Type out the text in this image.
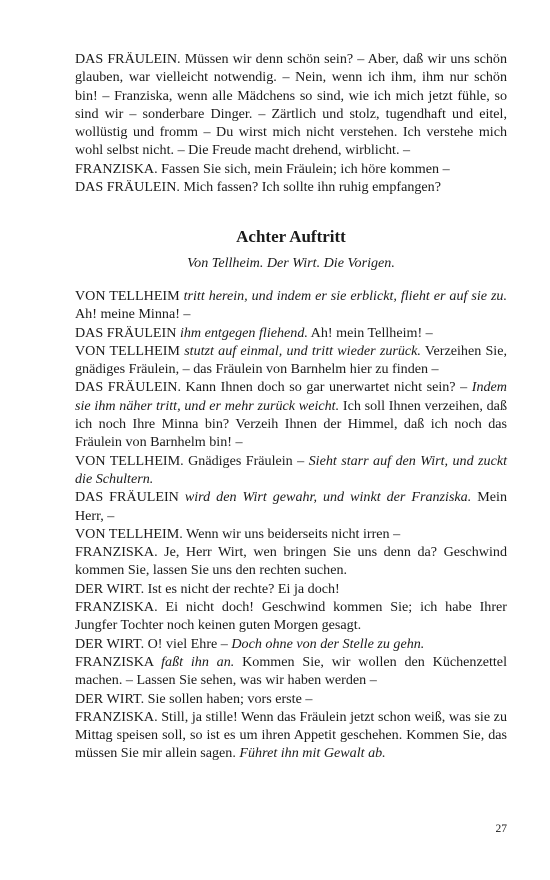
DAS FRÄULEIN. Müssen wir denn schön sein? – Aber, daß wir uns schön glauben, war vielleicht notwendig. – Nein, wenn ich ihm, ihm nur schön bin! – Franziska, wenn alle Mädchens so sind, wie ich mich jetzt fühle, so sind wir – sonderbare Dinger. – Zärtlich und stolz, tugendhaft und eitel, wollüstig und fromm – Du wirst mich nicht verstehen. Ich verstehe mich wohl selbst nicht. – Die Freude macht drehend, wirblicht. –

FRANZISKA. Fassen Sie sich, mein Fräulein; ich höre kommen –

DAS FRÄULEIN. Mich fassen? Ich sollte ihn ruhig empfangen?

Achter Auftritt

Von Tellheim. Der Wirt. Die Vorigen.

VON TELLHEIM tritt herein, und indem er sie erblickt, flieht er auf sie zu. Ah! meine Minna! –

DAS FRÄULEIN ihm entgegen fliehend. Ah! mein Tellheim! –

VON TELLHEIM stutzt auf einmal, und tritt wieder zurück. Verzeihen Sie, gnädiges Fräulein, – das Fräulein von Barnhelm hier zu finden –

DAS FRÄULEIN. Kann Ihnen doch so gar unerwartet nicht sein? – Indem sie ihm näher tritt, und er mehr zurück weicht. Ich soll Ihnen verzeihen, daß ich noch Ihre Minna bin? Verzeih Ihnen der Himmel, daß ich noch das Fräulein von Barnhelm bin! –

VON TELLHEIM. Gnädiges Fräulein – Sieht starr auf den Wirt, und zuckt die Schultern.

DAS FRÄULEIN wird den Wirt gewahr, und winkt der Franziska. Mein Herr, –

VON TELLHEIM. Wenn wir uns beiderseits nicht irren –

FRANZISKA. Je, Herr Wirt, wen bringen Sie uns denn da? Geschwind kommen Sie, lassen Sie uns den rechten suchen.

DER WIRT. Ist es nicht der rechte? Ei ja doch!

FRANZISKA. Ei nicht doch! Geschwind kommen Sie; ich habe Ihrer Jungfer Tochter noch keinen guten Morgen gesagt.

DER WIRT. O! viel Ehre – Doch ohne von der Stelle zu gehn.

FRANZISKA faßt ihn an. Kommen Sie, wir wollen den Küchenzettel machen. – Lassen Sie sehen, was wir haben werden –

DER WIRT. Sie sollen haben; vors erste –

FRANZISKA. Still, ja stille! Wenn das Fräulein jetzt schon weiß, was sie zu Mittag speisen soll, so ist es um ihren Appetit geschehen. Kommen Sie, das müssen Sie mir allein sagen. Führet ihn mit Gewalt ab.

27
